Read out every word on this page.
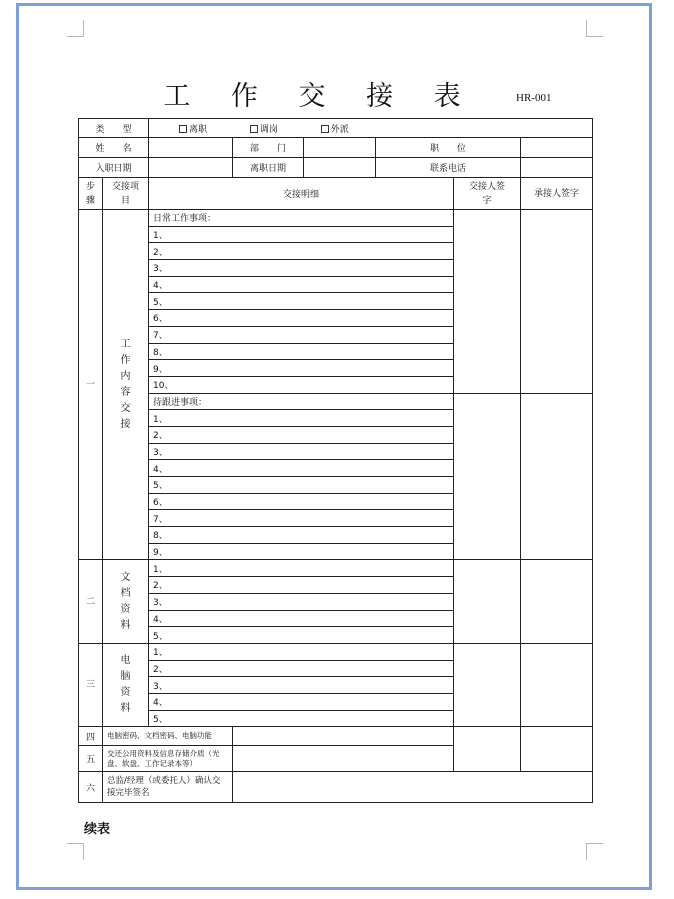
工 作 交 接 表	HR-001
类　　型		离职 调岗 外派					
姓　　名			部　　门		职　　位		
入职日期			离职日期		联系电话		
步骤	交接项目	交接明细				交接人签字	承接人签字
一	工作内容交接	日常工作事项：					
		1、					
		2、					
		3、					
		4、					
		5、					
		6、					
		7、					
		8、					
		9、					
		10、					
		待跟进事项：					
		1、					
		2、					
		3、					
		4、					
		5、					
		6、					
		7、					
		8、					
		9、					
二	文档资料	1、					
		2、					
		3、					
		4、					
		5、					
三	电脑资料	1、					
		2、					
		3、					
		4、					
		5、					
四	电脑密码、文档密码、电脑功能						
五	交还公用资料及信息存储介质（光盘、软盘、工作记录本等）						
六	总监/经理（或委托人）确认交接完毕签名						
续表
